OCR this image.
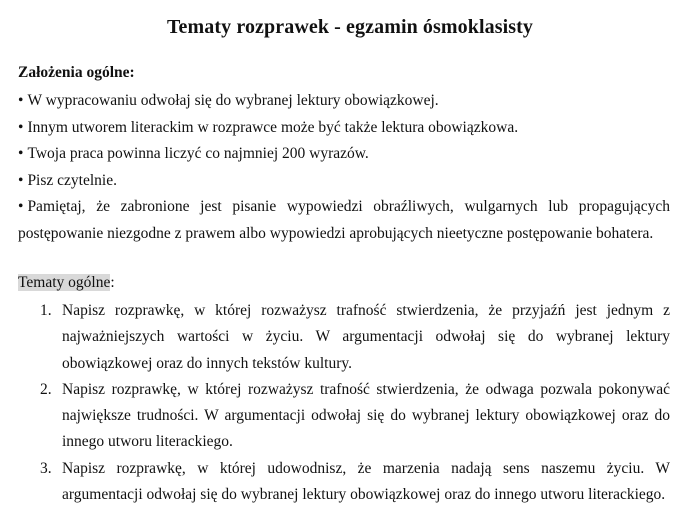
Tematy rozprawek - egzamin ósmoklasisty
Założenia ogólne:
• W wypracowaniu odwołaj się do wybranej lektury obowiązkowej.
• Innym utworem literackim w rozprawce może być także lektura obowiązkowa.
• Twoja praca powinna liczyć co najmniej 200 wyrazów.
• Pisz czytelnie.
• Pamiętaj, że zabronione jest pisanie wypowiedzi obraźliwych, wulgarnych lub propagujących postępowanie niezgodne z prawem albo wypowiedzi aprobujących nieetyczne postępowanie bohatera.
Tematy ogólne:
1. Napisz rozprawkę, w której rozważysz trafność stwierdzenia, że przyjaźń jest jednym z najważniejszych wartości w życiu. W argumentacji odwołaj się do wybranej lektury obowiązkowej oraz do innych tekstów kultury.
2. Napisz rozprawkę, w której rozważysz trafność stwierdzenia, że odwaga pozwala pokonywać największe trudności. W argumentacji odwołaj się do wybranej lektury obowiązkowej oraz do innego utworu literackiego.
3. Napisz rozprawkę, w której udowodnisz, że marzenia nadają sens naszemu życiu. W argumentacji odwołaj się do wybranej lektury obowiązkowej oraz do innego utworu literackiego.
